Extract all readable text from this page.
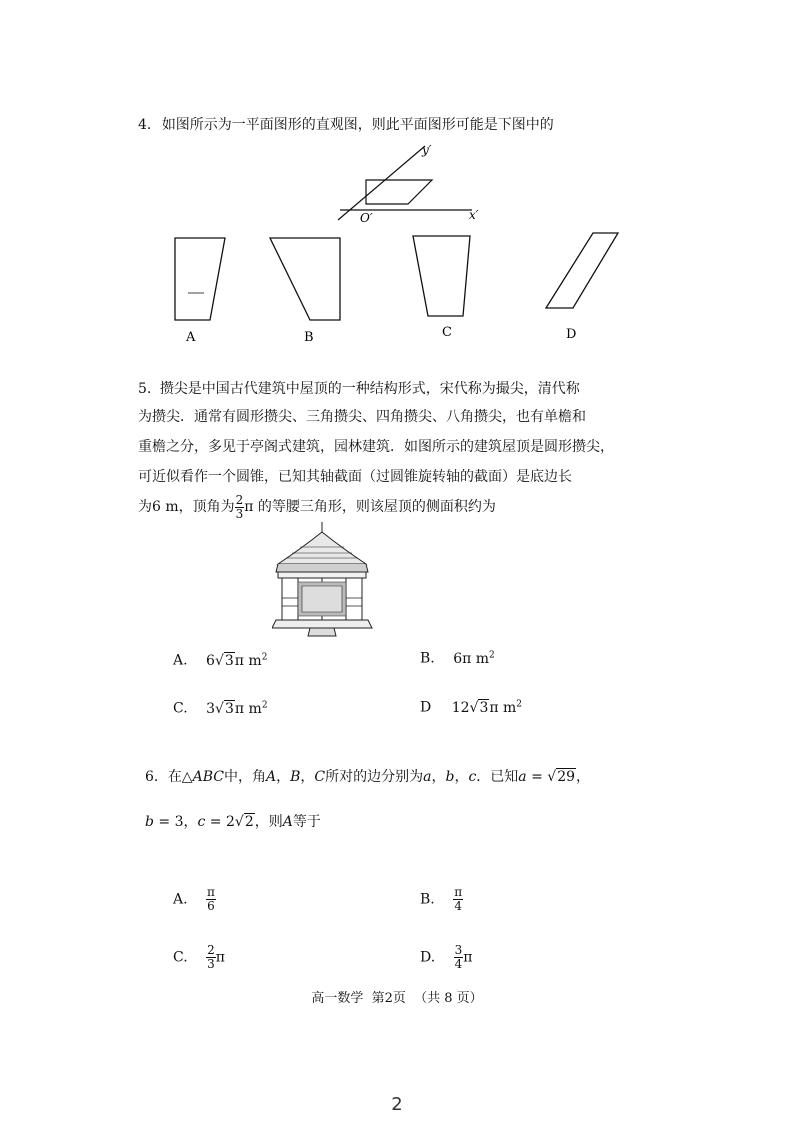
4. 如图所示为一平面图形的直观图，则此平面图形可能是下图中的
y′
x′
O′
A	B	C	D
5. 攒尖是中国古代建筑中屋顶的一种结构形式，宋代称为撮尖，清代称
为攒尖．通常有圆形攒尖、三角攒尖、四角攒尖、八角攒尖，也有单檐和
重檐之分，多见于亭阁式建筑，园林建筑．如图所示的建筑屋顶是圆形攒尖，
可近似看作一个圆锥，已知其轴截面（过圆锥旋转轴的截面）是底边长
为6 m，顶角为 $\frac{2}{3}$ π 的等腰三角形，则该屋顶的侧面积约为
A. 6√3π $m^2$	B. 6π $m^2$
C. 3√3π $m^2$	D 12√3π $m^2$
6. 在△ABC中，角A，B，C所对的边分别为a，b，c．已知a = √29，
b = 3，c = 2√2，则A等于
A. $\frac{\pi}{6}$	B. $\frac{\pi}{4}$
C. $\frac{2}{3}$ π	D. $\frac{3}{4}$ π
高一数学  第2页  （共 8 页）
2
